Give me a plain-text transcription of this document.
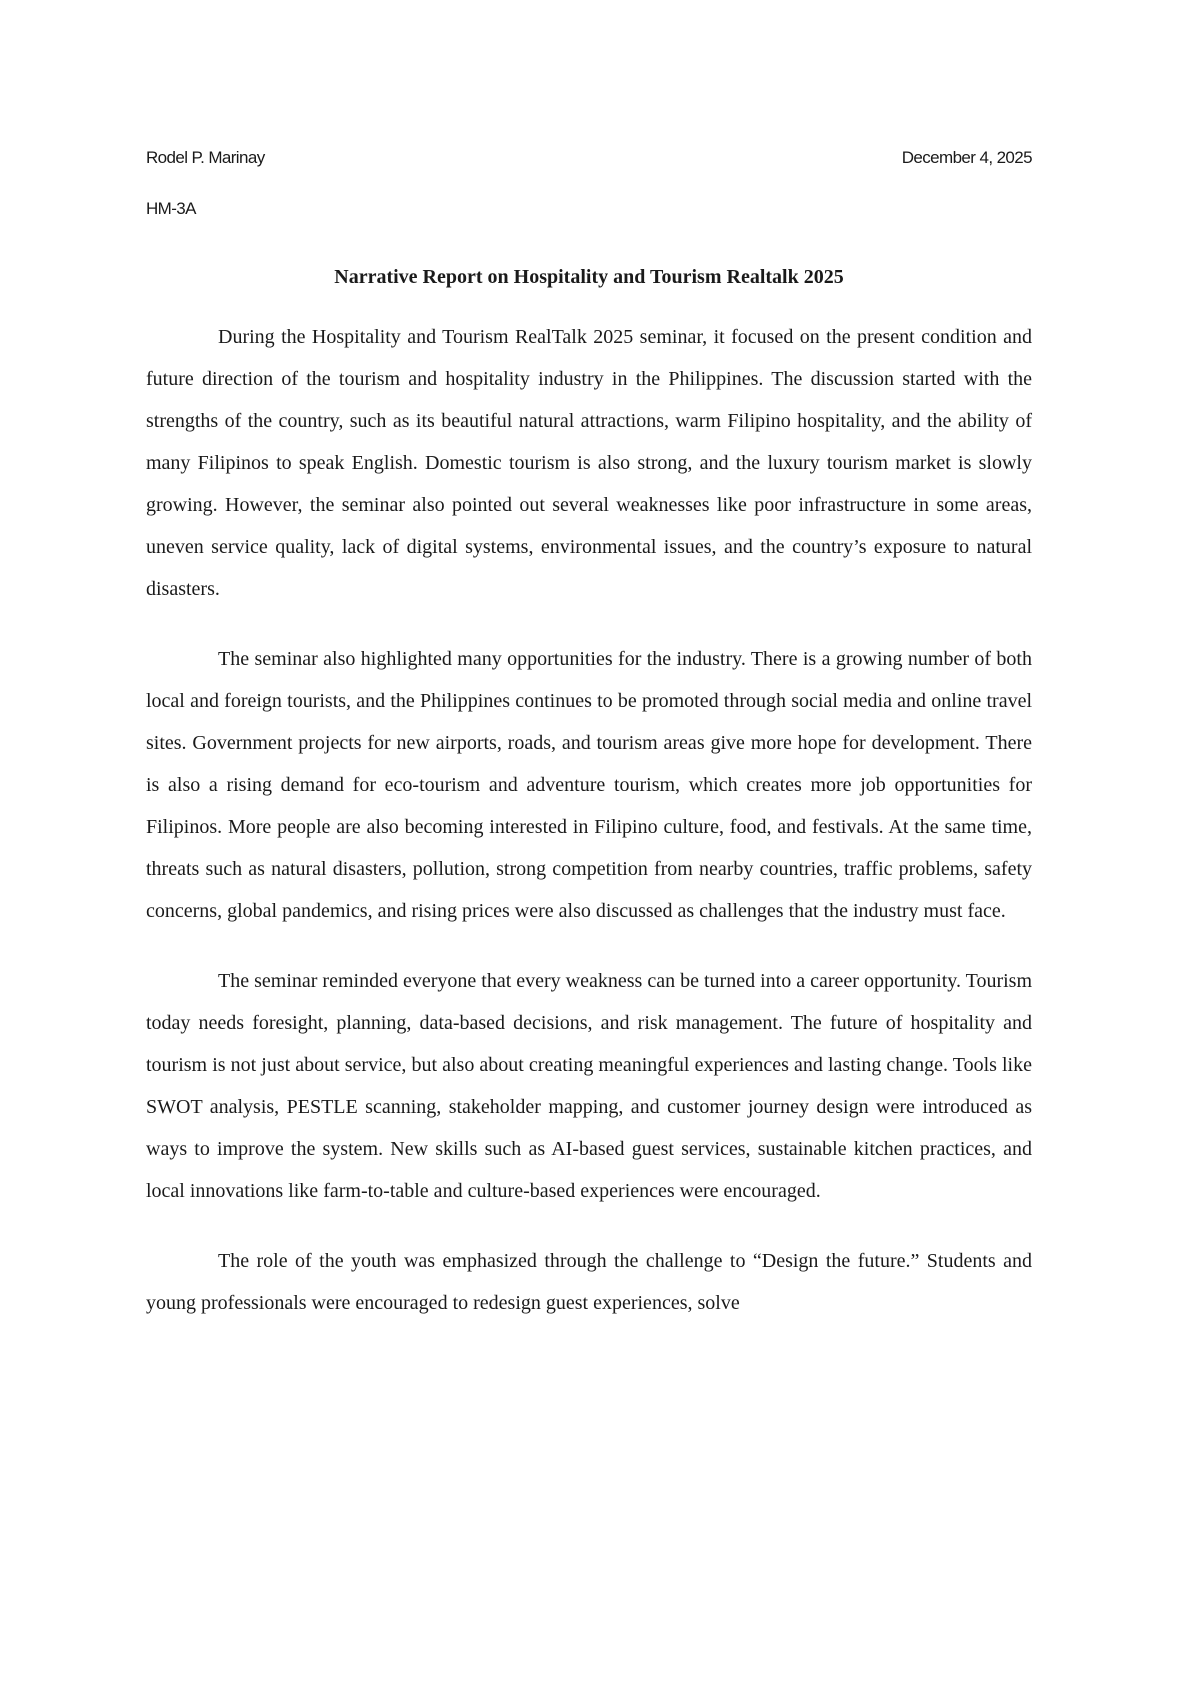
Rodel P. Marinay	December 4, 2025
HM-3A
Narrative Report on Hospitality and Tourism Realtalk 2025

During the Hospitality and Tourism RealTalk 2025 seminar, it focused on the present condition and future direction of the tourism and hospitality industry in the Philippines. The discussion started with the strengths of the country, such as its beautiful natural attractions, warm Filipino hospitality, and the ability of many Filipinos to speak English. Domestic tourism is also strong, and the luxury tourism market is slowly growing. However, the seminar also pointed out several weaknesses like poor infrastructure in some areas, uneven service quality, lack of digital systems, environmental issues, and the country’s exposure to natural disasters.

The seminar also highlighted many opportunities for the industry. There is a growing number of both local and foreign tourists, and the Philippines continues to be promoted through social media and online travel sites. Government projects for new airports, roads, and tourism areas give more hope for development. There is also a rising demand for eco-tourism and adventure tourism, which creates more job opportunities for Filipinos. More people are also becoming interested in Filipino culture, food, and festivals. At the same time, threats such as natural disasters, pollution, strong competition from nearby countries, traffic problems, safety concerns, global pandemics, and rising prices were also discussed as challenges that the industry must face.

The seminar reminded everyone that every weakness can be turned into a career opportunity. Tourism today needs foresight, planning, data-based decisions, and risk management. The future of hospitality and tourism is not just about service, but also about creating meaningful experiences and lasting change. Tools like SWOT analysis, PESTLE scanning, stakeholder mapping, and customer journey design were introduced as ways to improve the system. New skills such as AI-based guest services, sustainable kitchen practices, and local innovations like farm-to-table and culture-based experiences were encouraged.

The role of the youth was emphasized through the challenge to “Design the future.” Students and young professionals were encouraged to redesign guest experiences, solve
